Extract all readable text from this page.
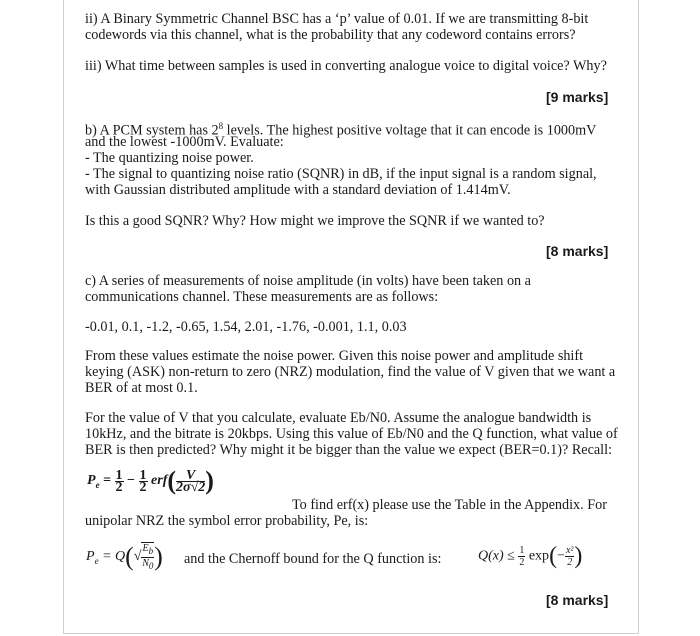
ii) A Binary Symmetric Channel BSC has a ‘p’ value of 0.01. If we are transmitting 8-bit
codewords via this channel, what is the probability that any codeword contains errors?
iii) What time between samples is used in converting analogue voice to digital voice? Why?
[9 marks]
b) A PCM system has $2^8$ levels. The highest positive voltage that it can encode is 1000mV
and the lowest -1000mV. Evaluate:
- The quantizing noise power.
- The signal to quantizing noise ratio (SQNR) in dB, if the input signal is a random signal,
with Gaussian distributed amplitude with a standard deviation of 1.414mV.
Is this a good SQNR? Why? How might we improve the SQNR if we wanted to?
[8 marks]
c) A series of measurements of noise amplitude (in volts) have been taken on a
communications channel. These measurements are as follows:
-0.01, 0.1, -1.2, -0.65, 1.54, 2.01, -1.76, -0.001, 1.1, 0.03
From these values estimate the noise power. Given this noise power and amplitude shift
keying (ASK) non-return to zero (NRZ) modulation, find the value of V given that we want a
BER of at most 0.1.
For the value of V that you calculate, evaluate Eb/N0. Assume the analogue bandwidth is
10kHz, and the bitrate is 20kbps. Using this value of Eb/N0 and the Q function, what value of
BER is then predicted? Why might it be bigger than the value we expect (BER=0.1)? Recall:
$P_e = \frac{1}{2} - \frac{1}{2} erf( \frac{V}{2\sigma√2}$ )
To find erf(x) please use the Table in the Appendix. For
unipolar NRZ the symbol error probability, Pe, is:
$P_e = Q(√ \frac{Eb}{N0}$ ) and the Chernoff bound for the Q function is:	$Q(x) \le \frac{1}{2} \exp(- \frac{\text{x²}}{2}$ )
[8 marks]
